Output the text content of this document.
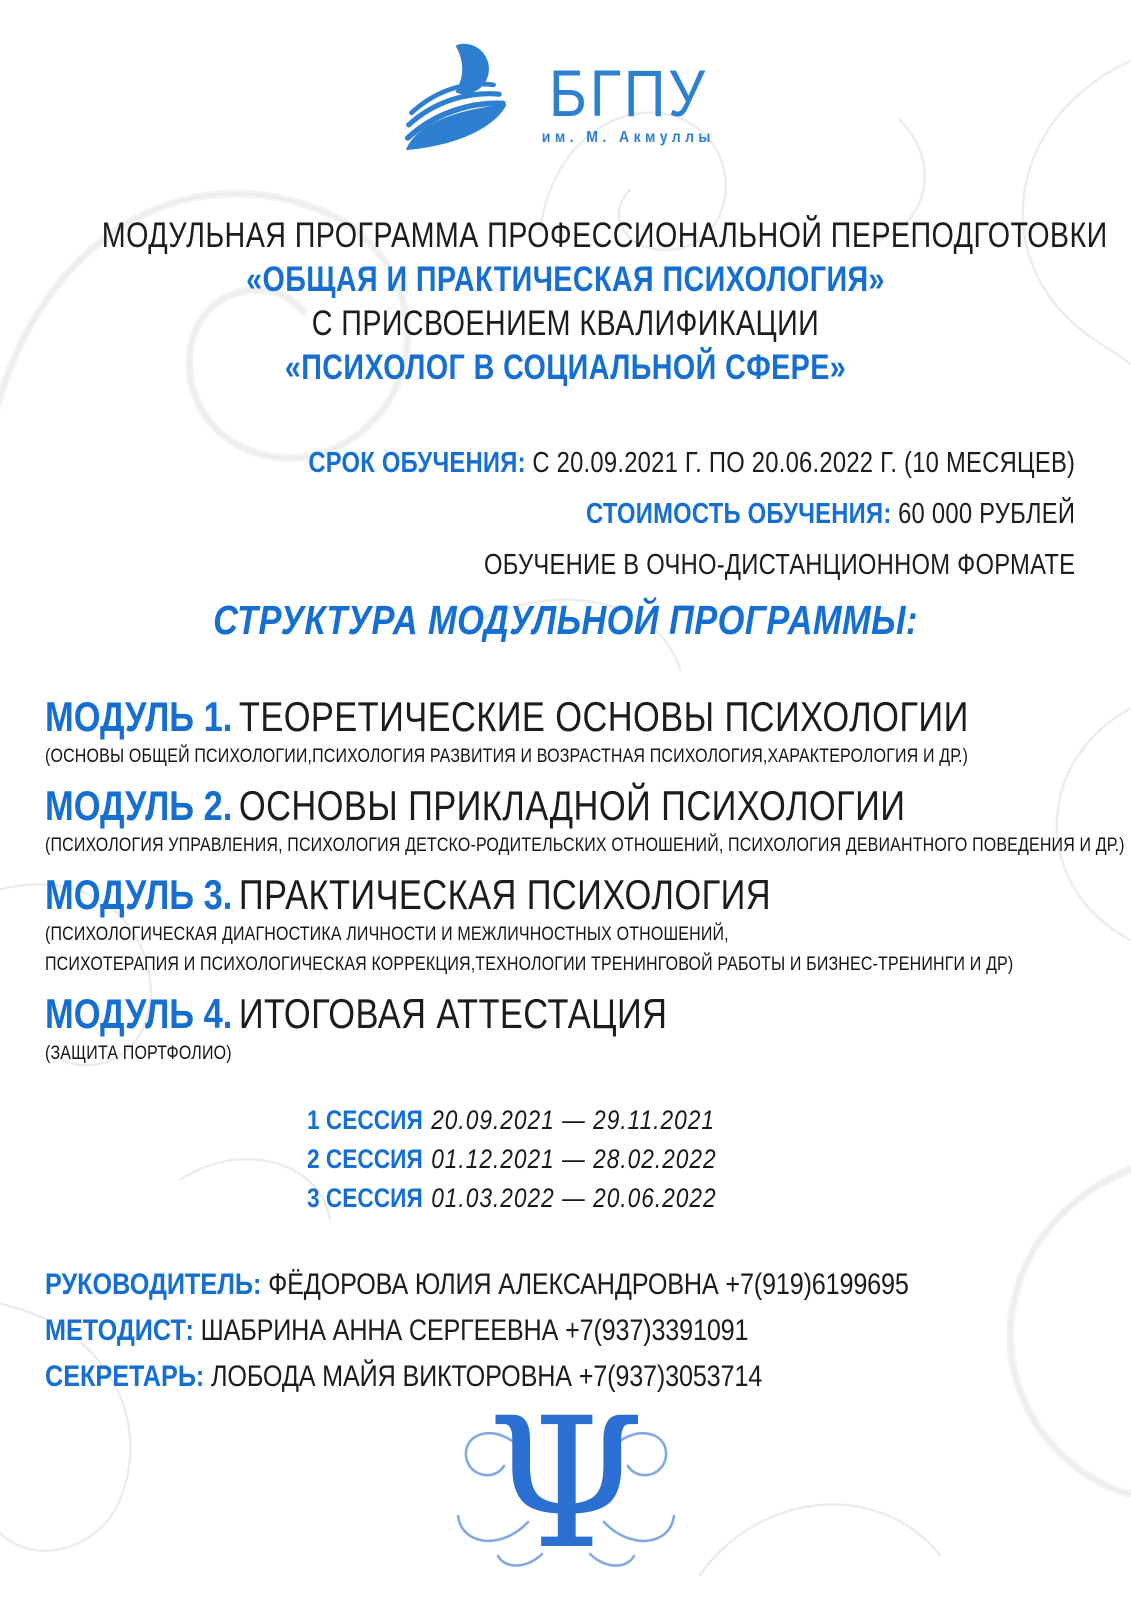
БГПУ
им. М. Акмуллы
МОДУЛЬНАЯ ПРОГРАММА ПРОФЕССИОНАЛЬНОЙ ПЕРЕПОДГОТОВКИ
«ОБЩАЯ И ПРАКТИЧЕСКАЯ ПСИХОЛОГИЯ»
С ПРИСВОЕНИЕМ КВАЛИФИКАЦИИ
«ПСИХОЛОГ В СОЦИАЛЬНОЙ СФЕРЕ»
СРОК ОБУЧЕНИЯ: С 20.09.2021 Г. ПО 20.06.2022 Г. (10 МЕСЯЦЕВ)
СТОИМОСТЬ ОБУЧЕНИЯ: 60 000 РУБЛЕЙ
ОБУЧЕНИЕ В ОЧНО-ДИСТАНЦИОННОМ ФОРМАТЕ
СТРУКТУРА МОДУЛЬНОЙ ПРОГРАММЫ:
МОДУЛЬ 1. ТЕОРЕТИЧЕСКИЕ ОСНОВЫ ПСИХОЛОГИИ
(ОСНОВЫ ОБЩЕЙ ПСИХОЛОГИИ,ПСИХОЛОГИЯ РАЗВИТИЯ И ВОЗРАСТНАЯ ПСИХОЛОГИЯ,ХАРАКТЕРОЛОГИЯ И ДР.)
МОДУЛЬ 2. ОСНОВЫ ПРИКЛАДНОЙ ПСИХОЛОГИИ
(ПСИХОЛОГИЯ УПРАВЛЕНИЯ, ПСИХОЛОГИЯ ДЕТСКО-РОДИТЕЛЬСКИХ ОТНОШЕНИЙ, ПСИХОЛОГИЯ ДЕВИАНТНОГО ПОВЕДЕНИЯ И ДР.)
МОДУЛЬ 3. ПРАКТИЧЕСКАЯ ПСИХОЛОГИЯ
(ПСИХОЛОГИЧЕСКАЯ ДИАГНОСТИКА ЛИЧНОСТИ И МЕЖЛИЧНОСТНЫХ ОТНОШЕНИЙ,
ПСИХОТЕРАПИЯ И ПСИХОЛОГИЧЕСКАЯ КОРРЕКЦИЯ,ТЕХНОЛОГИИ ТРЕНИНГОВОЙ РАБОТЫ И БИЗНЕС-ТРЕНИНГИ И ДР)
МОДУЛЬ 4. ИТОГОВАЯ АТТЕСТАЦИЯ
(ЗАЩИТА ПОРТФОЛИО)
1 СЕССИЯ 20.09.2021 — 29.11.2021
2 СЕССИЯ 01.12.2021 — 28.02.2022
3 СЕССИЯ 01.03.2022 — 20.06.2022
РУКОВОДИТЕЛЬ: ФЁДОРОВА ЮЛИЯ АЛЕКСАНДРОВНА +7(919)6199695
МЕТОДИСТ: ШАБРИНА АННА СЕРГЕЕВНА +7(937)3391091
СЕКРЕТАРЬ: ЛОБОДА МАЙЯ ВИКТОРОВНА +7(937)3053714
Ψ
